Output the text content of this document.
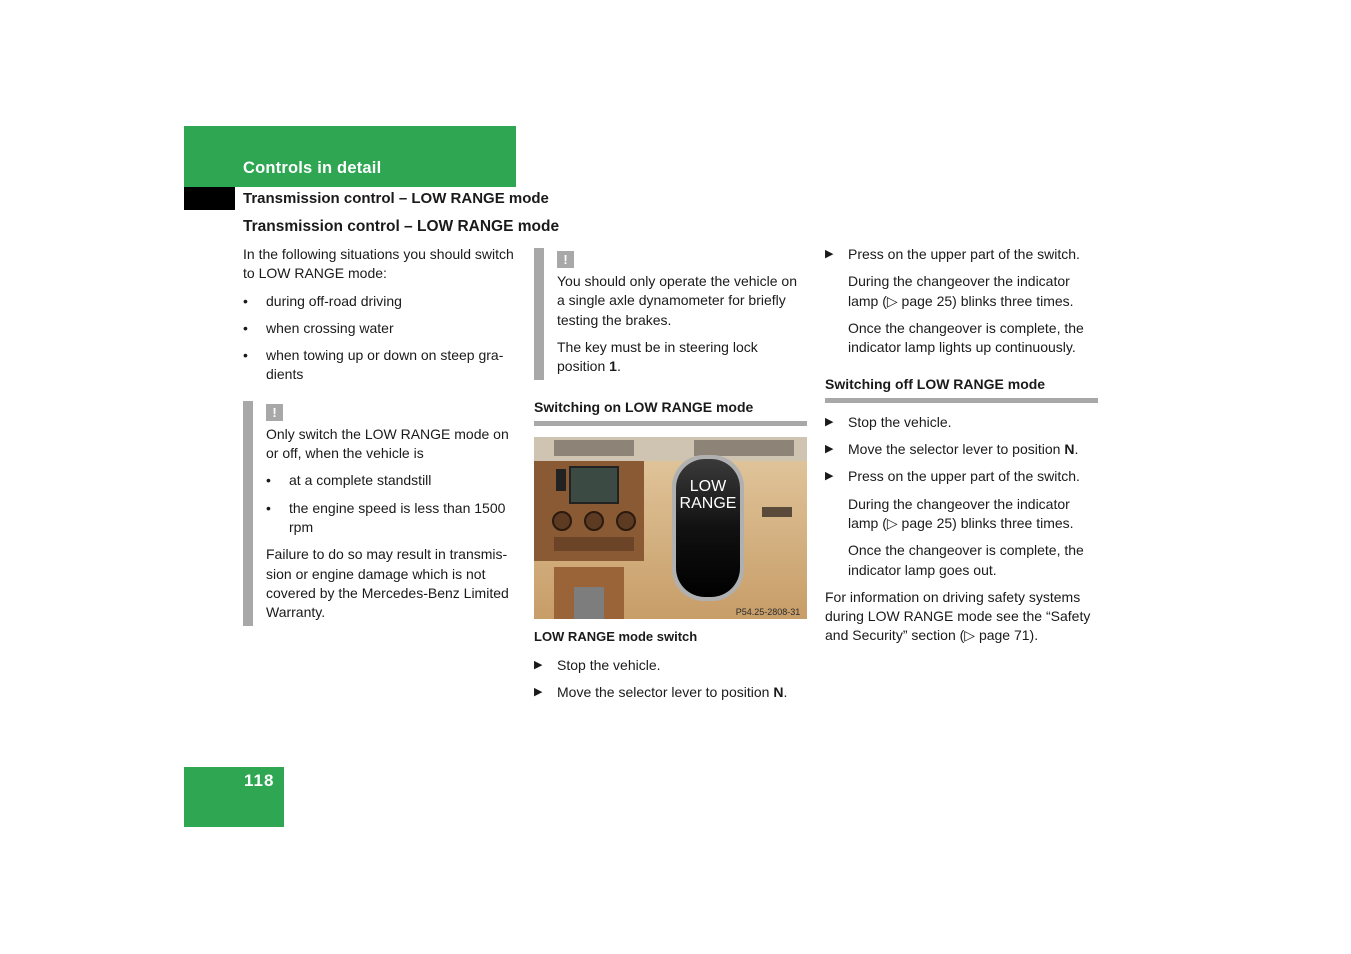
Controls in detail
Transmission control – LOW RANGE mode
Transmission control – LOW RANGE mode

In the following situations you should switch to LOW RANGE mode:

• during off-road driving
• when crossing water
• when towing up or down on steep gra-dients
!

Only switch the LOW RANGE mode on or off, when the vehicle is

• at a complete standstill
• the engine speed is less than 1500 rpm

Failure to do so may result in transmis-sion or engine damage which is not covered by the Mercedes-Benz Limited Warranty.

!

You should only operate the vehicle on a single axle dynamometer for briefly testing the brakes.

The key must be in steering lock position 1.

Switching on LOW RANGE mode
LOW
RANGE
P54.25-2808-31
LOW RANGE mode switch
▶ Stop the vehicle.
▶ Move the selector lever to position N.
▶ Press on the upper part of the switch.

During the changeover the indicator lamp (▷ page 25) blinks three times.

Once the changeover is complete, the indicator lamp lights up continuously.

Switching off LOW RANGE mode
▶ Stop the vehicle.
▶ Move the selector lever to position N.
▶ Press on the upper part of the switch.

During the changeover the indicator lamp (▷ page 25) blinks three times.

Once the changeover is complete, the indicator lamp goes out.

For information on driving safety systems during LOW RANGE mode see the “Safety and Security” section (▷ page 71).

118
